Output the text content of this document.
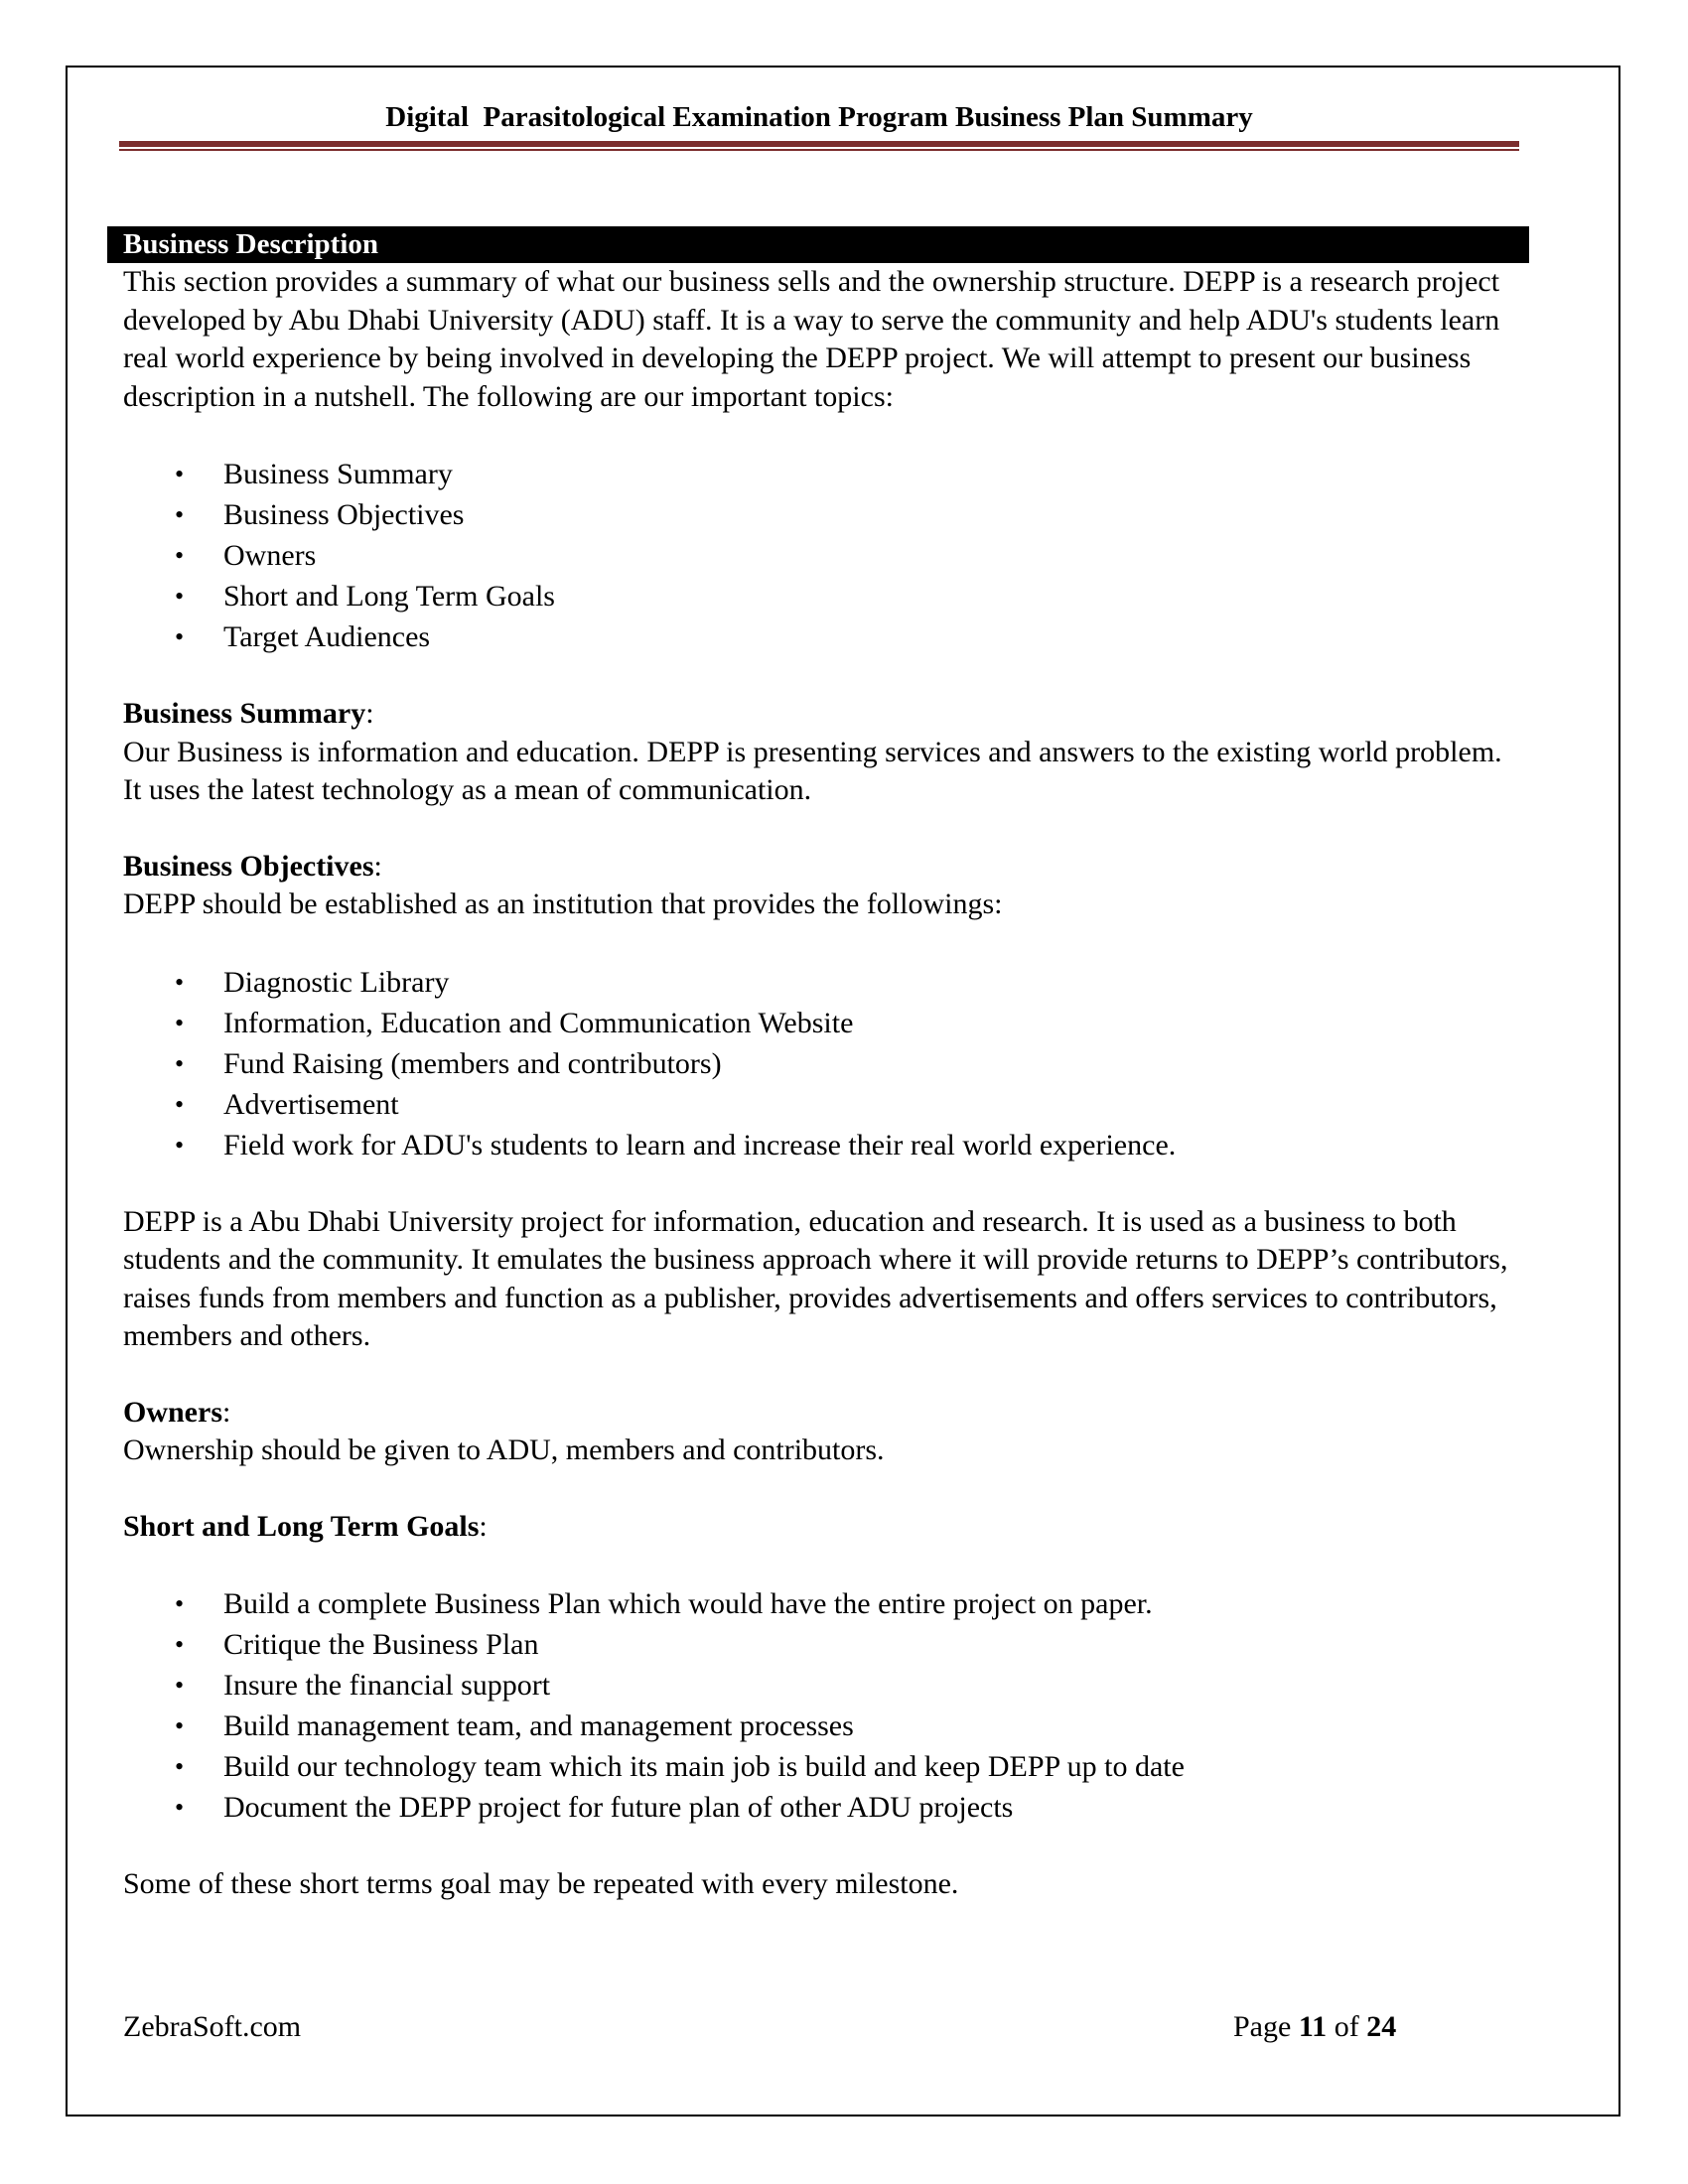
Digital  Parasitological Examination Program Business Plan Summary
Business Description

This section provides a summary of what our business sells and the ownership structure. DEPP is a research project developed by Abu Dhabi University (ADU) staff. It is a way to serve the community and help ADU's students learn real world experience by being involved in developing the DEPP project. We will attempt to present our business description in a nutshell. The following are our important topics:

• Business Summary
• Business Objectives
• Owners
• Short and Long Term Goals
• Target Audiences

Business Summary:

Our Business is information and education. DEPP is presenting services and answers to the existing world problem. It uses the latest technology as a mean of communication.

Business Objectives:

DEPP should be established as an institution that provides the followings:

• Diagnostic Library
• Information, Education and Communication Website
• Fund Raising (members and contributors)
• Advertisement
• Field work for ADU's students to learn and increase their real world experience.

DEPP is a Abu Dhabi University project for information, education and research. It is used as a business to both students and the community. It emulates the business approach where it will provide returns to DEPP’s contributors, raises funds from members and function as a publisher, provides advertisements and offers services to contributors, members and others.

Owners:

Ownership should be given to ADU, members and contributors.

Short and Long Term Goals:

• Build a complete Business Plan which would have the entire project on paper.
• Critique the Business Plan
• Insure the financial support
• Build management team, and management processes
• Build our technology team which its main job is build and keep DEPP up to date
• Document the DEPP project for future plan of other ADU projects

Some of these short terms goal may be repeated with every milestone.

ZebraSoft.com	Page 11 of 24
